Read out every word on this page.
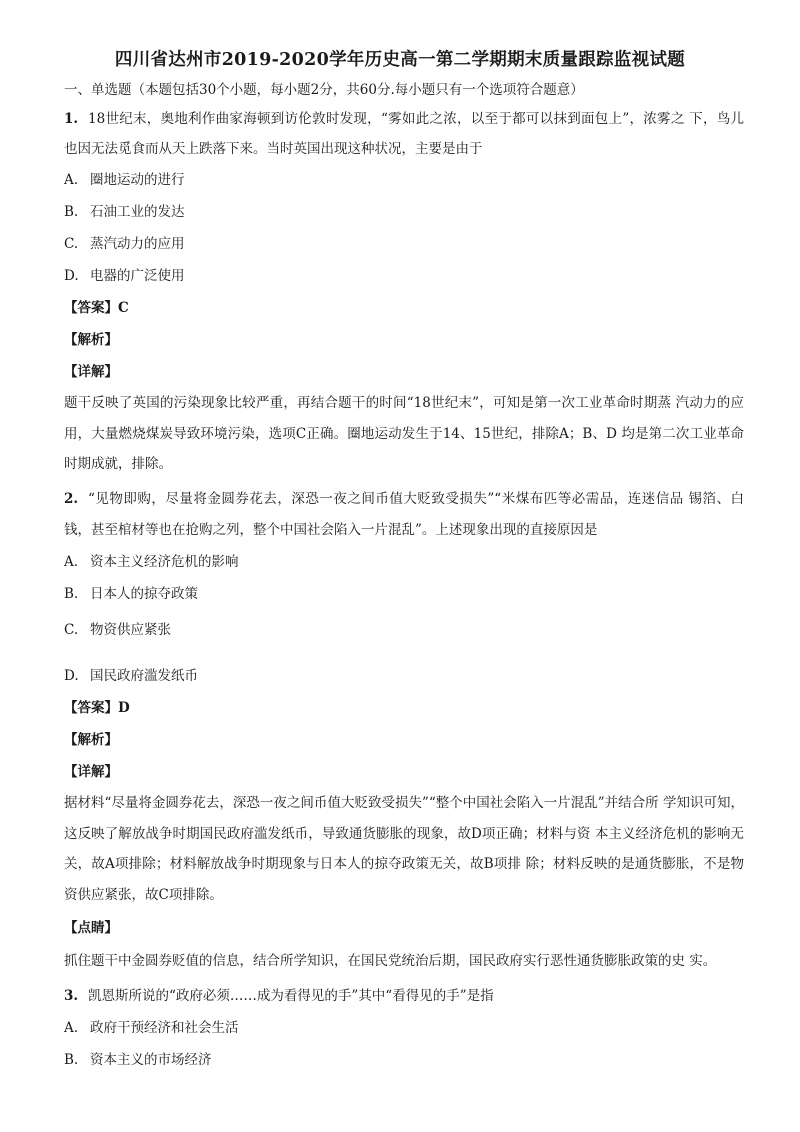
四川省达州市2019-2020学年历史高一第二学期期末质量跟踪监视试题
一、单选题（本题包括30个小题，每小题2分，共60分.每小题只有一个选项符合题意）
1. 18世纪末，奥地利作曲家海顿到访伦敦时发现，“雾如此之浓，以至于都可以抹到面包上”，浓雾之 下，鸟儿也因无法觅食而从天上跌落下来。当时英国出现这种状况，主要是由于
A. 圈地运动的进行
B. 石油工业的发达
C. 蒸汽动力的应用
D. 电器的广泛使用
【答案】C
【解析】
【详解】
题干反映了英国的污染现象比较严重，再结合题干的时间“18世纪末”，可知是第一次工业革命时期蒸 汽动力的应用，大量燃烧煤炭导致环境污染，选项C正确。圈地运动发生于14、15世纪，排除A；B、D 均是第二次工业革命时期成就，排除。
2. “见物即购，尽量将金圆券花去，深恐一夜之间币值大贬致受损失”“米煤布匹等必需品，连迷信品 锡箔、白钱，甚至棺材等也在抢购之列，整个中国社会陷入一片混乱”。上述现象出现的直接原因是
A. 资本主义经济危机的影响
B. 日本人的掠夺政策
C. 物资供应紧张
D. 国民政府滥发纸币
【答案】D
【解析】
【详解】
据材料“尽量将金圆券花去，深恐一夜之间币值大贬致受损失”“整个中国社会陷入一片混乱”并结合所 学知识可知，这反映了解放战争时期国民政府滥发纸币，导致通货膨胀的现象，故D项正确；材料与资 本主义经济危机的影响无关，故A项排除；材料解放战争时期现象与日本人的掠夺政策无关，故B项排 除；材料反映的是通货膨胀，不是物资供应紧张，故C项排除。
【点睛】
抓住题干中金圆券贬值的信息，结合所学知识，在国民党统治后期，国民政府实行恶性通货膨胀政策的史 实。
3. 凯恩斯所说的“政府必须……成为看得见的手”其中“看得见的手”是指
A. 政府干预经济和社会生活
B. 资本主义的市场经济
